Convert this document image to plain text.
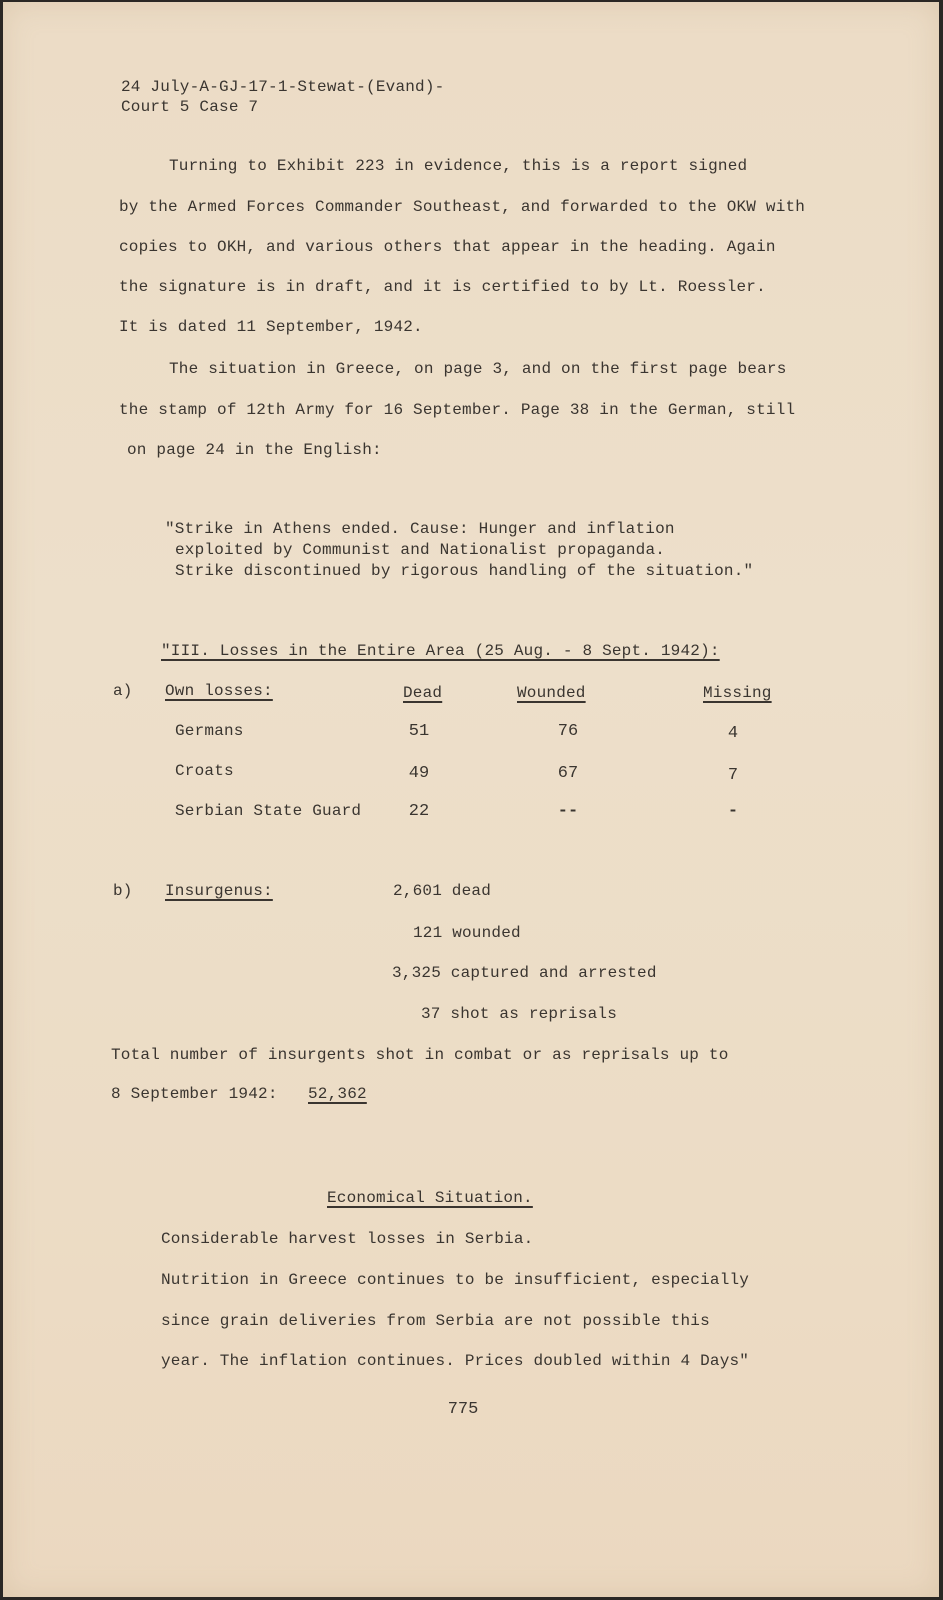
24 July-A-GJ-17-1-Stewat-(Evand)-
Court 5 Case 7
Turning to Exhibit 223 in evidence, this is a report signed
by the Armed Forces Commander Southeast, and forwarded to the OKW with
copies to OKH, and various others that appear in the heading. Again
the signature is in draft, and it is certified to by Lt. Roessler.
It is dated 11 September, 1942.
The situation in Greece, on page 3, and on the first page bears
the stamp of 12th Army for 16 September. Page 38 in the German, still
on page 24 in the English:
"Strike in Athens ended. Cause: Hunger and inflation
exploited by Communist and Nationalist propaganda.
Strike discontinued by rigorous handling of the situation."
"III. Losses in the Entire Area (25 Aug. - 8 Sept. 1942):
a) Own losses:	Dead	Wounded	Missing
Germans	51	76	4
Croats	49	67	7
Serbian State Guard	22	--	-
b) Insurgenus:	2,601 dead
121 wounded
3,325 captured and arrested
37 shot as reprisals
Total number of insurgents shot in combat or as reprisals up to
8 September 1942: 52,362
Economical Situation.
Considerable harvest losses in Serbia.
Nutrition in Greece continues to be insufficient, especially
since grain deliveries from Serbia are not possible this
year. The inflation continues. Prices doubled within 4 Days"
775
